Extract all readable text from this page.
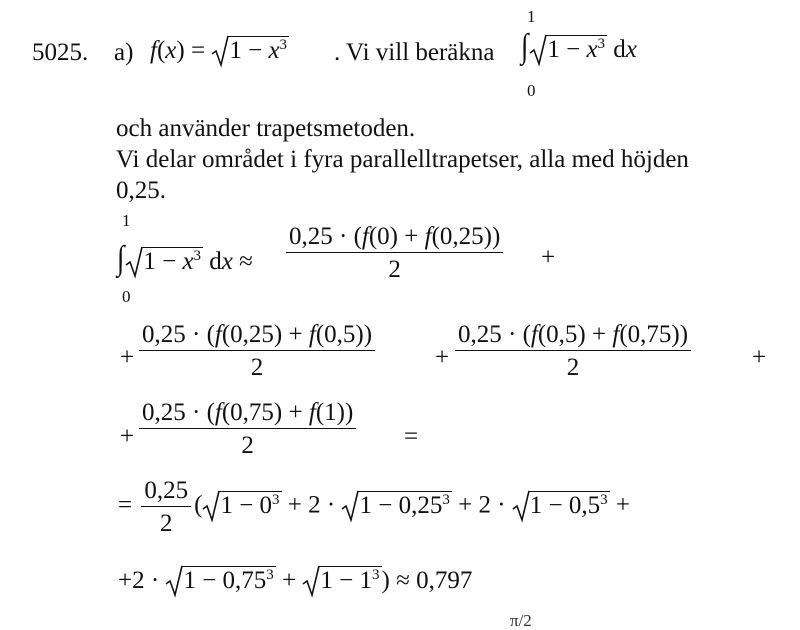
5025. a) f(x) =
$1 - x^3$ . Vi vill beräkna
1
∫ $1 - x^3$ dx
0
och använder trapetsmetoden.
Vi delar området i fyra parallelltrapetser, alla med höjden
0,25.
1
∫ $1 - x^3$ dx ≈
0
$\frac{0,25 \cdot (f(0) + f(0,25))}{2}$ +
+ $\frac{0,25 \cdot (f(0,25) + f(0,5))}{2} + \frac{0,25 \cdot (f(0,5) + f(0,75))}{2}$ +
+ $\frac{0,25 \cdot (f(0,75) + f(1))}{2}$ =
= $\frac{0,25}{2}$ ( $1 - 0^3 + 2$ ·
$1 - 0,25^3 + 2$ ·
$1 - 0,5^3$ +
+2 ·
$1 - 0,75^3$ +
$1 - 1^3) \approx 0,797$
π/2
